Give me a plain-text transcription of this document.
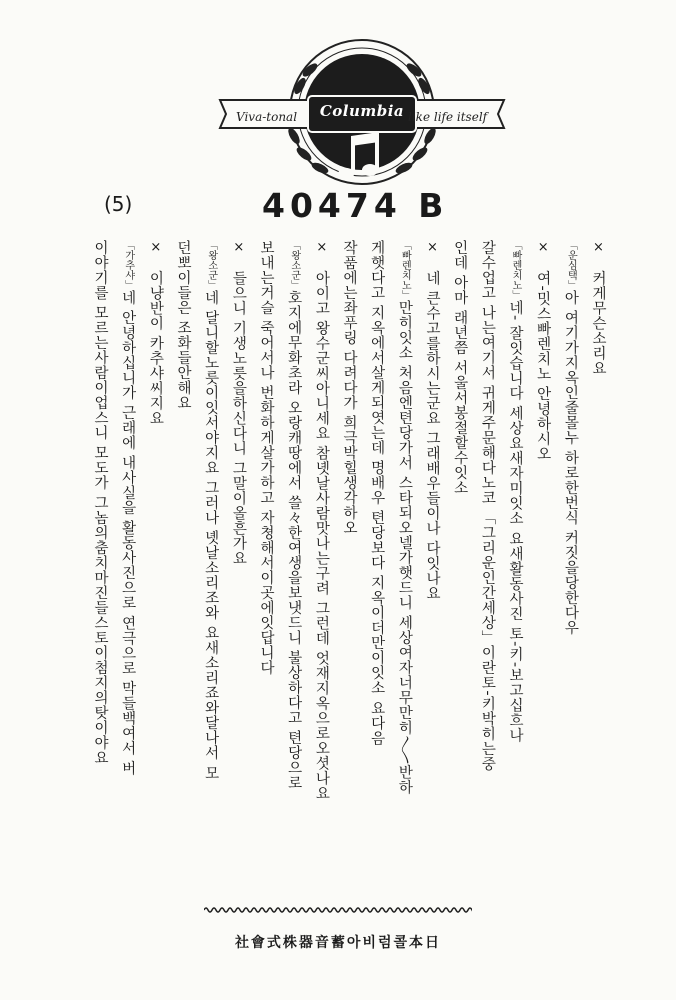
Viva-tonal	Columbia like life itself
(5)	40474 B
×　커게무슨소리요
「운심택」아 여기가지옥인줄몰누 하로한번식 커짓을당한다우
×　여-밋스빠렌치노 안녕하시오
「빠렌치노」네- 잘잇습니다 세상요새자미잇소 요새활동사진 토-키-보고십흐나
갈수업고 나는여기서 귀게주문해다노코 「그리운인간세상」이란토-키박히는중
인데 아마 래년쯤 서울서봉절할수잇소
×　네 큰수고를하시는군요 그래배우들이나 다잇나요
「빠렌치노」만히잇소 처음엔텬당가서 스타되오넬가햇드니 세상여자너무만히〳〵반하
게햇다고 지옥에서살게되엿는데 명배우 텬당보다 지옥이더만이잇소 요다음
작품에는좌푸링 다려다가 희극박힐생각하오
×　아이고 왕수군씨아니세요 참녯날사람맛나는구려 그런데 엇재지옥으로오셧나요
「왕소군」호지에무화초라 오랑캐땅에서 쓸々한여생을보냇드니 불상하다고 텬당으로
보내는거슬 죽어서나 번화하게살가하고 자쳥해서이곳에잇답니다
×　들으니 기생노릇을하신다니 그말이올흔가요
「왕소군」네 달니할노릇이잇서야지요 그러나 녯날소리조와 요새소리죠와달나서 모
던뽀이들은 조화들안해요
×　이냥반이 카추샤씨지요
「가추샤」네 안녕하십니가 근래에 내사실을 활동사진으로 연극으로 막들백여서 버
이야기를 모르는사람이업스니 모도가 그놈의춤치마진들스토이첨지의탓이야요
社會式株器音蓄아비럼콜本日
